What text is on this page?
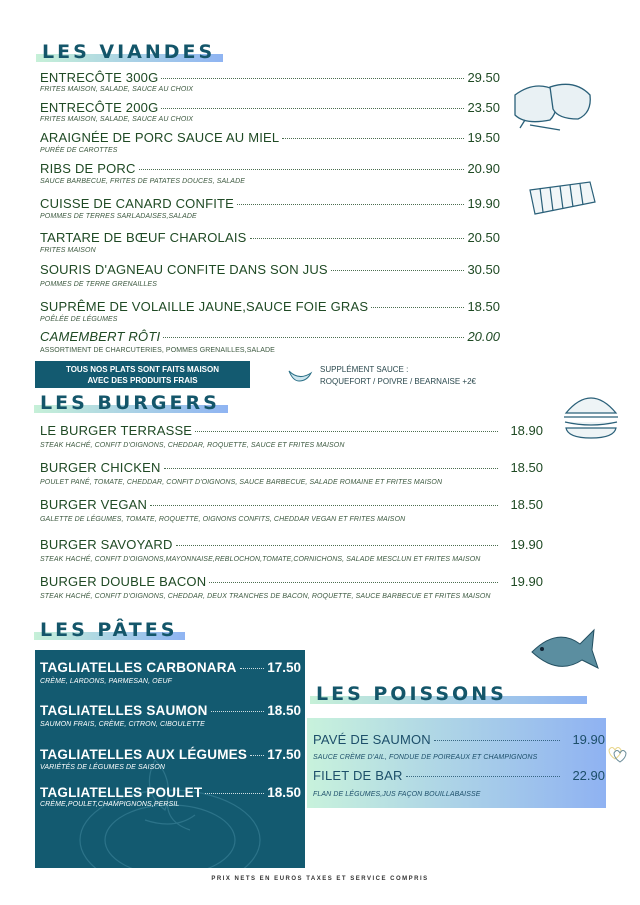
LES VIANDES
LES BURGERS
LES PÂTES
LES POISSONS
ENTRECÔTE 300G	29.50
FRITES MAISON, SALADE, SAUCE AU CHOIX
ENTRECÔTE 200G	23.50
FRITES MAISON, SALADE, SAUCE AU CHOIX
ARAIGNÉE DE PORC SAUCE AU MIEL	19.50
PURÉE DE CAROTTES
RIBS DE PORC	20.90
SAUCE BARBECUE, FRITES DE PATATES DOUCES, SALADE
CUISSE DE CANARD CONFITE	19.90
POMMES DE TERRES SARLADAISES,SALADE
TARTARE DE BŒUF CHAROLAIS	20.50
FRITES MAISON
SOURIS D'AGNEAU CONFITE DANS SON JUS	30.50
POMMES DE TERRE GRENAILLES
SUPRÊME DE VOLAILLE JAUNE,SAUCE FOIE GRAS	18.50
POÊLÉE DE LÉGUMES
CAMEMBERT RÔTI	20.00
ASSORTIMENT DE CHARCUTERIES, POMMES GRENAILLES,SALADE
LE BURGER TERRASSE	18.90
STEAK HACHÉ, CONFIT D'OIGNONS, CHEDDAR, ROQUETTE, SAUCE ET FRITES MAISON
BURGER CHICKEN	18.50
POULET PANÉ, TOMATE, CHEDDAR, CONFIT D'OIGNONS, SAUCE BARBECUE, SALADE ROMAINE ET FRITES MAISON
BURGER VEGAN	18.50
GALETTE DE LÉGUMES, TOMATE, ROQUETTE, OIGNONS CONFITS, CHEDDAR VEGAN ET FRITES MAISON
BURGER SAVOYARD	19.90
STEAK HACHÉ, CONFIT D'OIGNONS,MAYONNAISE,REBLOCHON,TOMATE,CORNICHONS, SALADE MESCLUN ET FRITES MAISON
BURGER DOUBLE BACON	19.90
STEAK HACHÉ, CONFIT D'OIGNONS, CHEDDAR, DEUX TRANCHES DE BACON, ROQUETTE, SAUCE BARBECUE ET FRITES MAISON
TAGLIATELLES CARBONARA 17.50
CRÈME, LARDONS, PARMESAN, OEUF
TAGLIATELLES SAUMON	18.50
SAUMON FRAIS, CRÈME, CITRON, CIBOULETTE
TAGLIATELLES AUX LÉGUMES 17.50
VARIÉTÉS DE LÉGUMES DE SAISON
TAGLIATELLES POULET	18.50
CRÈME,POULET,CHAMPIGNONS,PERSIL
PAVÉ DE SAUMON	19.90
SAUCE CRÈME D'AIL, FONDUE DE POIREAUX ET CHAMPIGNONS
FILET DE BAR	22.90
FLAN DE LÉGUMES,JUS FAÇON BOUILLABAISSE
TOUS NOS PLATS SONT FAITS MAISON
AVEC DES PRODUITS FRAIS
SUPPLÉMENT SAUCE :
ROQUEFORT / POIVRE / BEARNAISE +2€
PRIX NETS EN EUROS TAXES ET SERVICE COMPRIS
